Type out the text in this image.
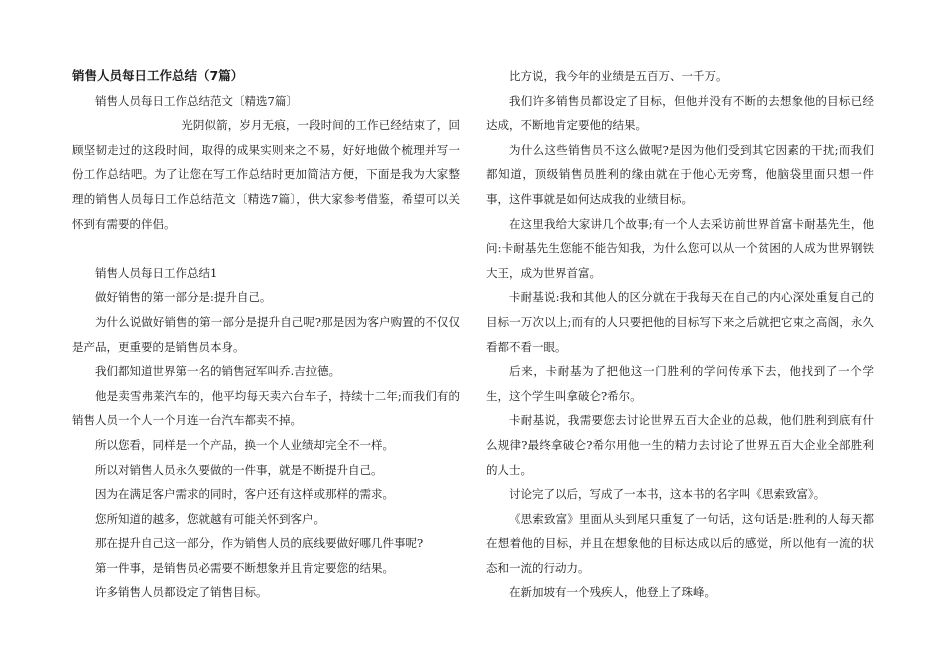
销售人员每日工作总结（7篇）

销售人员每日工作总结范文〔精选7篇〕

光阴似箭，岁月无痕，一段时间的工作已经结束了，回顾坚韧走过的这段时间，取得的成果实则来之不易，好好地做个梳理并写一份工作总结吧。为了让您在写工作总结时更加简洁方便，下面是我为大家整理的销售人员每日工作总结范文〔精选7篇〕，供大家参考借鉴，希望可以关怀到有需要的伴侣。

销售人员每日工作总结1

做好销售的第一部分是:提升自己。

为什么说做好销售的第一部分是提升自己呢?那是因为客户购置的不仅仅是产品，更重要的是销售员本身。

我们都知道世界第一名的销售冠军叫乔.吉拉德。

他是卖雪弗莱汽车的，他平均每天卖六台车子，持续十二年;而我们有的销售人员一个人一个月连一台汽车都卖不掉。

所以您看，同样是一个产品，换一个人业绩却完全不一样。

所以对销售人员永久要做的一件事，就是不断提升自己。

因为在满足客户需求的同时，客户还有这样或那样的需求。

您所知道的越多，您就越有可能关怀到客户。

那在提升自己这一部分，作为销售人员的底线要做好哪几件事呢?

第一件事，是销售员必需要不断想象并且肯定要您的结果。

许多销售人员都设定了销售目标。

比方说，我今年的业绩是五百万、一千万。

我们许多销售员都设定了目标，但他并没有不断的去想象他的目标已经达成，不断地肯定要他的结果。

为什么这些销售员不这么做呢?是因为他们受到其它因素的干扰;而我们都知道，顶级销售员胜利的缘由就在于他心无旁骛，他脑袋里面只想一件事，这件事就是如何达成我的业绩目标。

在这里我给大家讲几个故事;有一个人去采访前世界首富卡耐基先生，他问:卡耐基先生您能不能告知我，为什么您可以从一个贫困的人成为世界钢铁大王，成为世界首富。

卡耐基说:我和其他人的区分就在于我每天在自己的内心深处重复自己的目标一万次以上;而有的人只要把他的目标写下来之后就把它束之高阁，永久看都不看一眼。

后来，卡耐基为了把他这一门胜利的学问传承下去，他找到了一个学生，这个学生叫拿破仑?希尔。

卡耐基说，我需要您去讨论世界五百大企业的总裁，他们胜利到底有什么规律?最终拿破仑?希尔用他一生的精力去讨论了世界五百大企业全部胜利的人士。

讨论完了以后，写成了一本书，这本书的名字叫《思索致富》。

《思索致富》里面从头到尾只重复了一句话，这句话是:胜利的人每天都在想着他的目标，并且在想象他的目标达成以后的感觉，所以他有一流的状态和一流的行动力。

在新加坡有一个残疾人，他登上了珠峰。
